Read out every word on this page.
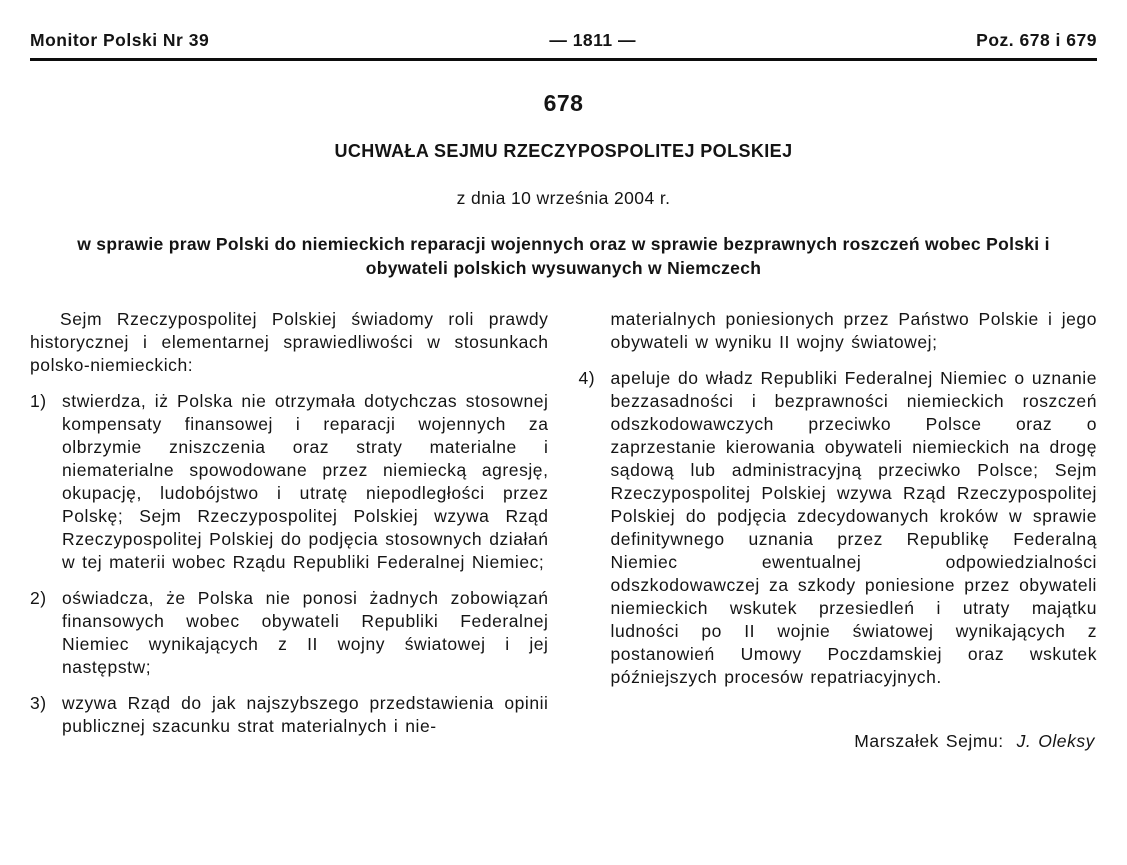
Monitor Polski Nr 39	— 1811 —	Poz. 678 i 679
678
UCHWAŁA SEJMU RZECZYPOSPOLITEJ POLSKIEJ
z dnia 10 września 2004 r.
w sprawie praw Polski do niemieckich reparacji wojennych oraz w sprawie bezprawnych roszczeń wobec Polski i obywateli polskich wysuwanych w Niemczech

Sejm Rzeczypospolitej Polskiej świadomy roli prawdy historycznej i elementarnej sprawiedliwości w stosunkach polsko-niemieckich:

1) stwierdza, iż Polska nie otrzymała dotychczas stosownej kompensaty finansowej i reparacji wojennych za olbrzymie zniszczenia oraz straty materialne i niematerialne spowodowane przez niemiecką agresję, okupację, ludobójstwo i utratę niepodległości przez Polskę; Sejm Rzeczypospolitej Polskiej wzywa Rząd Rzeczypospolitej Polskiej do podjęcia stosownych działań w tej materii wobec Rządu Republiki Federalnej Niemiec;
2) oświadcza, że Polska nie ponosi żadnych zobowiązań finansowych wobec obywateli Republiki Federalnej Niemiec wynikających z II wojny światowej i jej następstw;
3) wzywa Rząd do jak najszybszego przedstawienia opinii publicznej szacunku strat materialnych i nie-
materialnych poniesionych przez Państwo Polskie i jego obywateli w wyniku II wojny światowej;
4) apeluje do władz Republiki Federalnej Niemiec o uznanie bezzasadności i bezprawności niemieckich roszczeń odszkodowawczych przeciwko Polsce oraz o zaprzestanie kierowania obywateli niemieckich na drogę sądową lub administracyjną przeciwko Polsce; Sejm Rzeczypospolitej Polskiej wzywa Rząd Rzeczypospolitej Polskiej do podjęcia zdecydowanych kroków w sprawie definitywnego uznania przez Republikę Federalną Niemiec ewentualnej odpowiedzialności odszkodowawczej za szkody poniesione przez obywateli niemieckich wskutek przesiedleń i utraty majątku ludności po II wojnie światowej wynikających z postanowień Umowy Poczdamskiej oraz wskutek późniejszych procesów repatriacyjnych.
Marszałek Sejmu: J. Oleksy
